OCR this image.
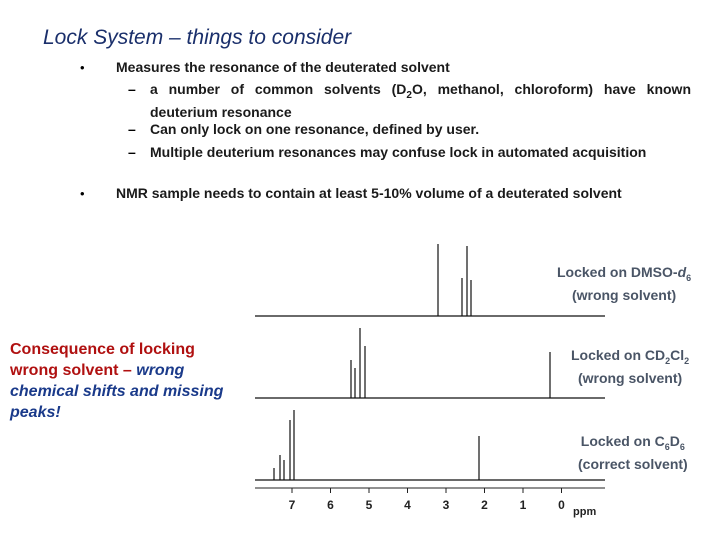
Lock System – things to consider
• Measures the resonance of the deuterated solvent
– a number of common solvents ($D_2O$, methanol, chloroform) have known deuterium resonance
– Can only lock on one resonance, defined by user.
– Multiple deuterium resonances may confuse lock in automated acquisition
• NMR sample needs to contain at least 5-10% volume of a deuterated solvent
Consequence of locking wrong solvent – wrong chemical shifts and missing peaks!
7	6	5	4	3	2	1	0 ppm
Locked on DMSO-$d_6$
(wrong solvent)
Locked on $CD_2Cl_2$
(wrong solvent)
Locked on $C_6D_6$
(correct solvent)
